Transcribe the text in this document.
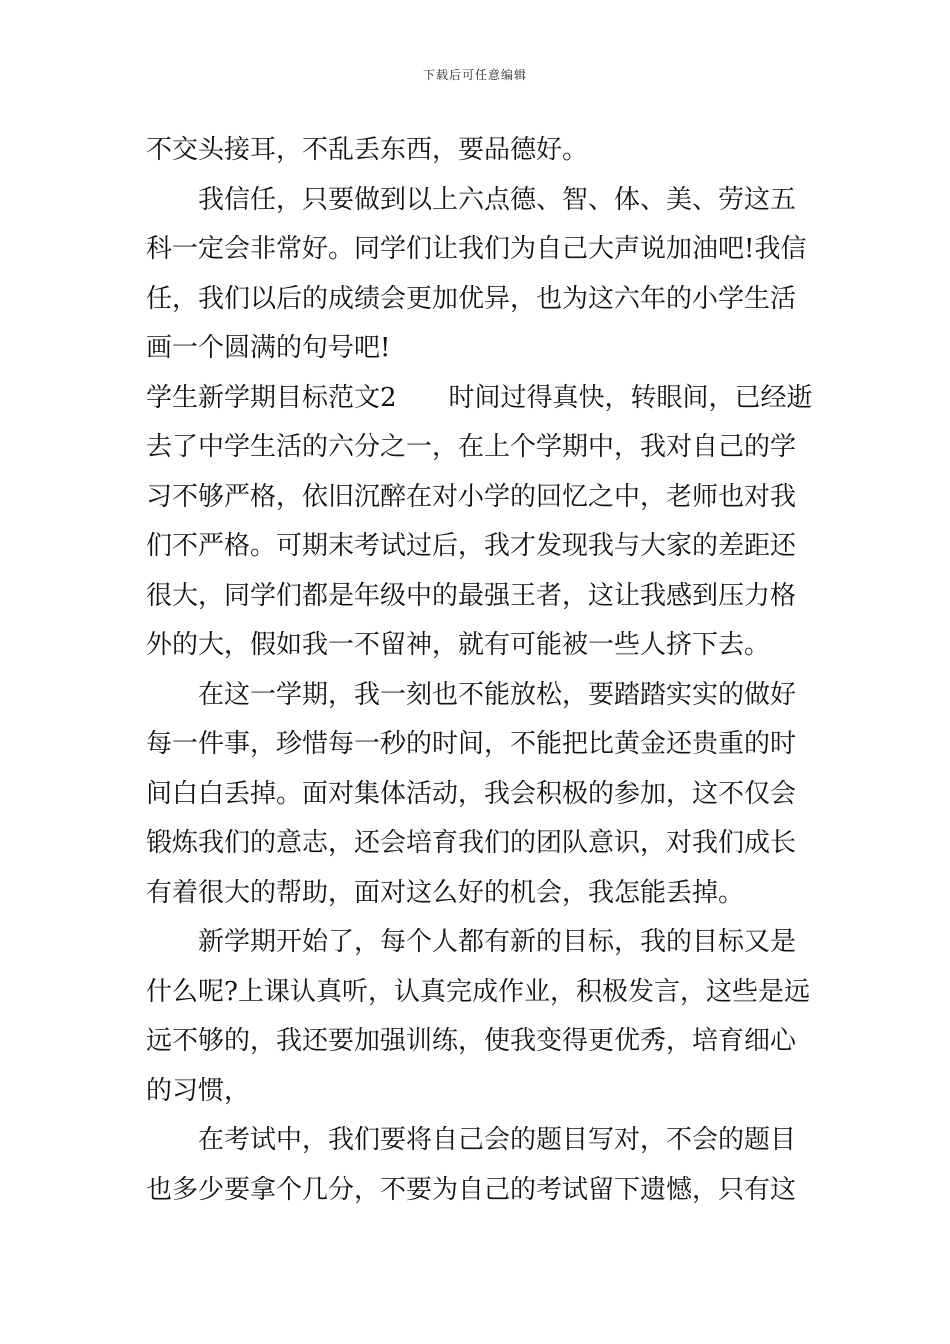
下载后可任意编辑
不交头接耳，不乱丢东西，要品德好。
我信任，只要做到以上六点德、智、体、美、劳这五
科一定会非常好。同学们让我们为自己大声说加油吧!我信
任，我们以后的成绩会更加优异，也为这六年的小学生活
画一个圆满的句号吧!
学生新学期目标范文2　　时间过得真快，转眼间，已经逝
去了中学生活的六分之一，在上个学期中，我对自己的学
习不够严格，依旧沉醉在对小学的回忆之中，老师也对我
们不严格。可期末考试过后，我才发现我与大家的差距还
很大，同学们都是年级中的最强王者，这让我感到压力格
外的大，假如我一不留神，就有可能被一些人挤下去。
在这一学期，我一刻也不能放松，要踏踏实实的做好
每一件事，珍惜每一秒的时间，不能把比黄金还贵重的时
间白白丢掉。面对集体活动，我会积极的参加，这不仅会
锻炼我们的意志，还会培育我们的团队意识，对我们成长
有着很大的帮助，面对这么好的机会，我怎能丢掉。
新学期开始了，每个人都有新的目标，我的目标又是
什么呢?上课认真听，认真完成作业，积极发言，这些是远
远不够的，我还要加强训练，使我变得更优秀，培育细心
的习惯，
在考试中，我们要将自己会的题目写对，不会的题目
也多少要拿个几分，不要为自己的考试留下遗憾，只有这
